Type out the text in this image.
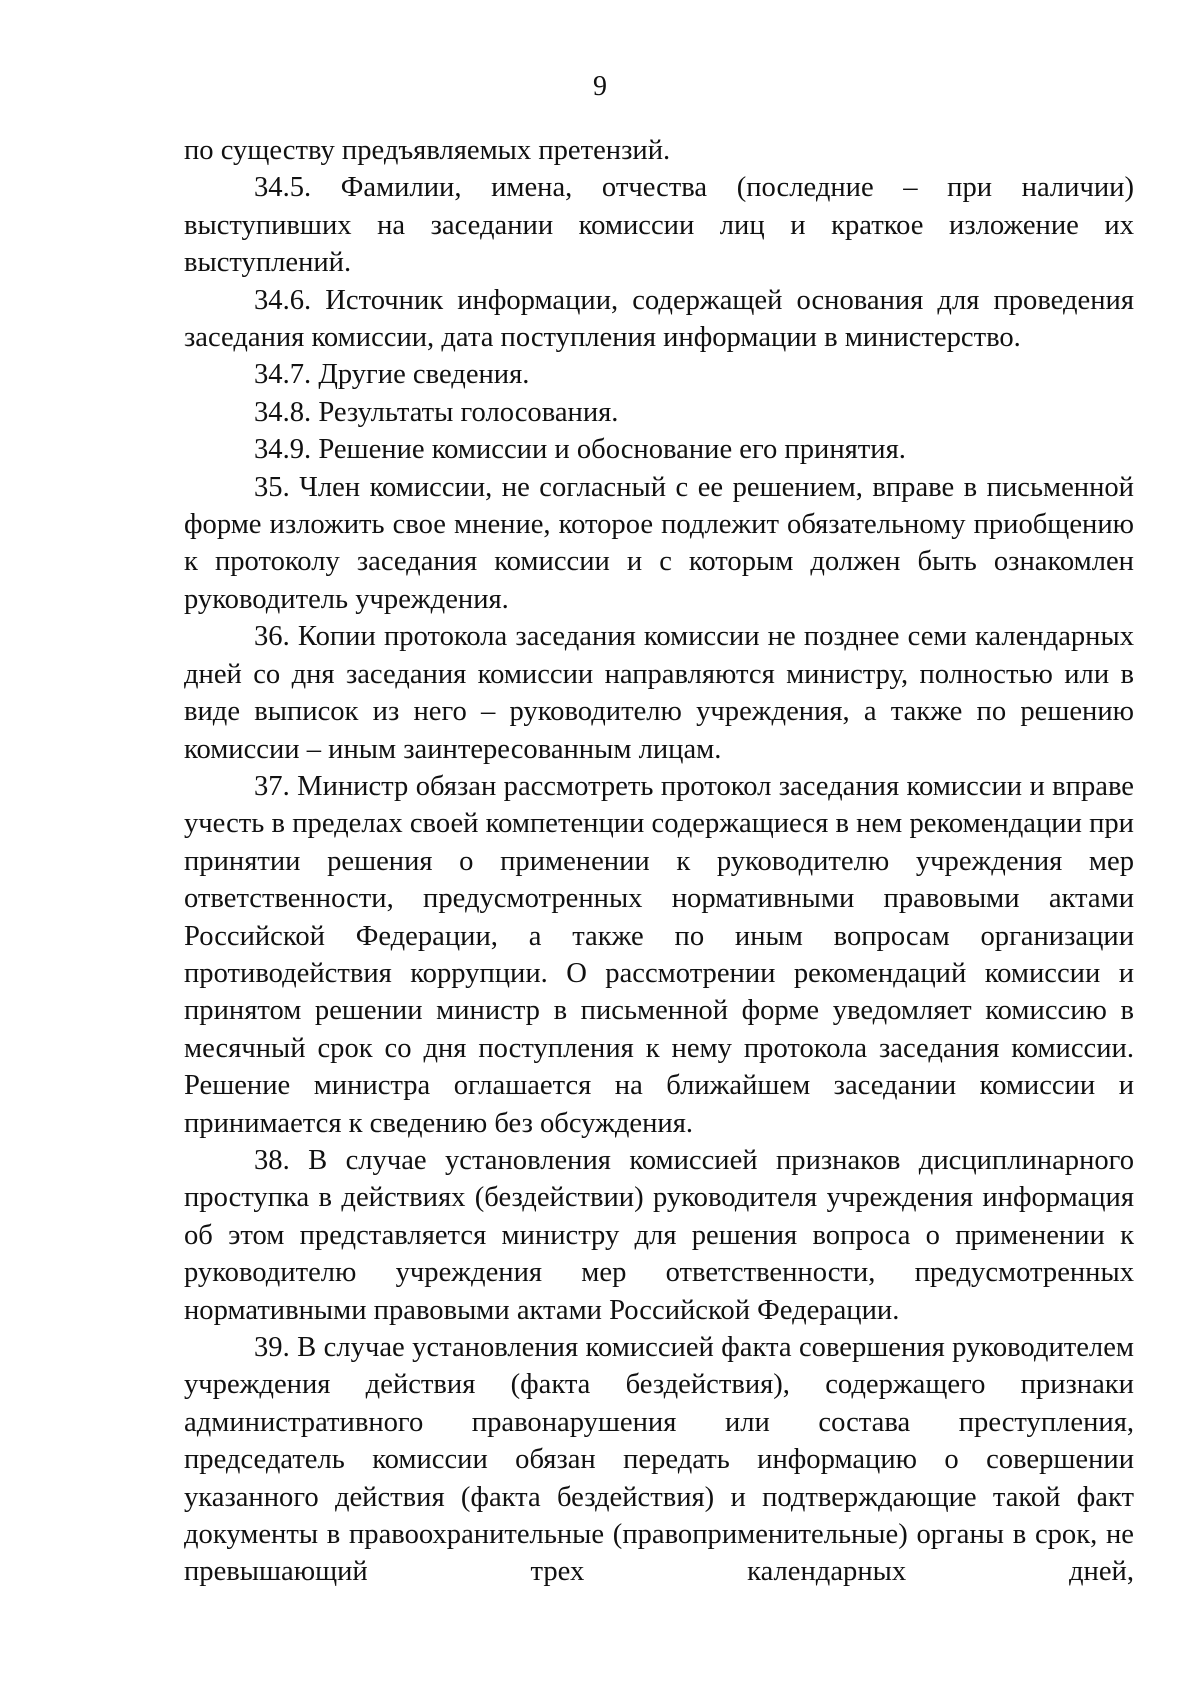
9

по существу предъявляемых претензий.

34.5. Фамилии, имена, отчества (последние – при наличии) выступивших на заседании комиссии лиц и краткое изложение их выступлений.

34.6. Источник информации, содержащей основания для проведения заседания комиссии, дата поступления информации в министерство.

34.7. Другие сведения.

34.8. Результаты голосования.

34.9. Решение комиссии и обоснование его принятия.

35. Член комиссии, не согласный с ее решением, вправе в письменной форме изложить свое мнение, которое подлежит обязательному приобщению к протоколу заседания комиссии и с которым должен быть ознакомлен руководитель учреждения.

36. Копии протокола заседания комиссии не позднее семи календарных дней со дня заседания комиссии направляются министру, полностью или в виде выписок из него – руководителю учреждения, а также по решению комиссии – иным заинтересованным лицам.

37. Министр обязан рассмотреть протокол заседания комиссии и вправе учесть в пределах своей компетенции содержащиеся в нем рекомендации при принятии решения о применении к руководителю учреждения мер ответственности, предусмотренных нормативными правовыми актами Российской Федерации, а также по иным вопросам организации противодействия коррупции. О рассмотрении рекомендаций комиссии и принятом решении министр в письменной форме уведомляет комиссию в месячный срок со дня поступления к нему протокола заседания комиссии. Решение министра оглашается на ближайшем заседании комиссии и принимается к сведению без обсуждения.

38. В случае установления комиссией признаков дисциплинарного проступка в действиях (бездействии) руководителя учреждения информация об этом представляется министру для решения вопроса о применении к руководителю учреждения мер ответственности, предусмотренных нормативными правовыми актами Российской Федерации.

39. В случае установления комиссией факта совершения руководителем учреждения действия (факта бездействия), содержащего признаки административного правонарушения или состава преступления, председатель комиссии обязан передать информацию о совершении указанного действия (факта бездействия) и подтверждающие такой факт документы в правоохранительные (правоприменительные) органы в срок, не превышающий трех календарных дней,
